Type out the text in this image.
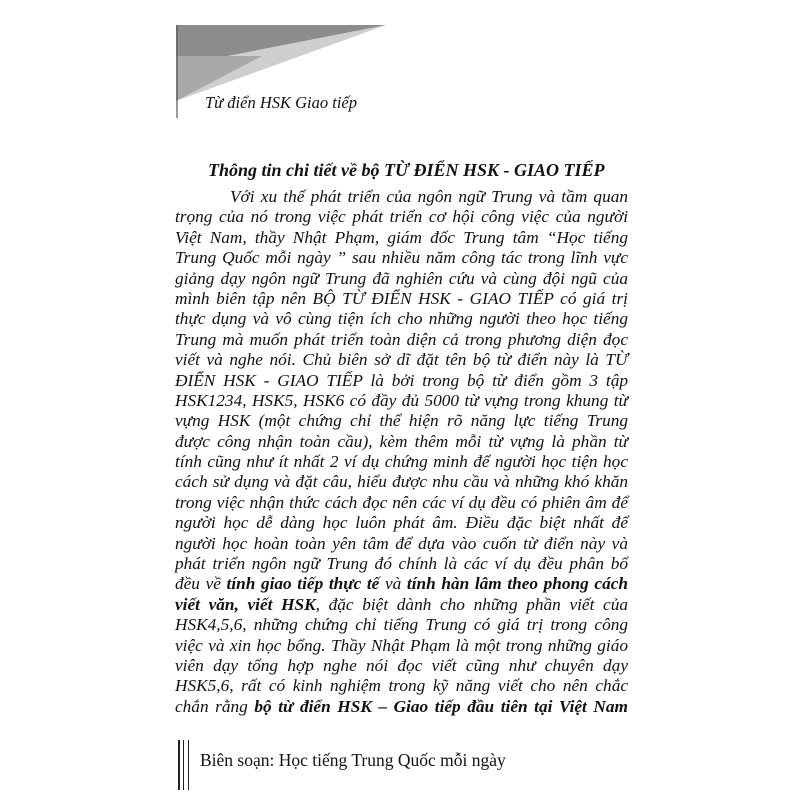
Từ điển HSK Giao tiếp
Thông tin chi tiết về bộ TỪ ĐIỂN HSK - GIAO TIẾP
Với xu thế phát triển của ngôn ngữ Trung và tầm quan
trọng của nó trong việc phát triển cơ hội công việc của người
Việt Nam, thầy Nhật Phạm, giám đốc Trung tâm “Học tiếng
Trung Quốc mỗi ngày ” sau nhiều năm công tác trong lĩnh vực
giảng dạy ngôn ngữ Trung đã nghiên cứu và cùng đội ngũ của
mình biên tập nên BỘ TỪ ĐIỂN HSK - GIAO TIẾP có giá trị
thực dụng và vô cùng tiện ích cho những người theo học tiếng
Trung mà muốn phát triển toàn diện cả trong phương diện đọc
viết và nghe nói. Chủ biên sở dĩ đặt tên bộ từ điển này là TỪ
ĐIỂN HSK - GIAO TIẾP là bởi trong bộ từ điển gồm 3 tập
HSK1234, HSK5, HSK6 có đầy đủ 5000 từ vựng trong khung từ
vựng HSK (một chứng chỉ thể hiện rõ năng lực tiếng Trung
được công nhận toàn cầu), kèm thêm mỗi từ vựng là phần từ
tính cũng như ít nhất 2 ví dụ chứng minh để người học tiện học
cách sử dụng và đặt câu, hiểu được nhu cầu và những khó khăn
trong việc nhận thức cách đọc nên các ví dụ đều có phiên âm để
người học dễ dàng học luôn phát âm. Điều đặc biệt nhất để
người học hoàn toàn yên tâm để dựa vào cuốn từ điển này và
phát triển ngôn ngữ Trung đó chính là các ví dụ đều phân bổ
đều về tính giao tiếp thực tế và tính hàn lâm theo phong cách
viết văn, viết HSK, đặc biệt dành cho những phần viết của
HSK4,5,6, những chứng chỉ tiếng Trung có giá trị trong công
việc và xin học bổng. Thầy Nhật Phạm là một trong những giáo
viên dạy tổng hợp nghe nói đọc viết cũng như chuyên dạy
HSK5,6, rất có kinh nghiệm trong kỹ năng viết cho nên chắc
chắn rằng bộ từ điển HSK – Giao tiếp đầu tiên tại Việt Nam
Biên soạn: Học tiếng Trung Quốc mỗi ngày
